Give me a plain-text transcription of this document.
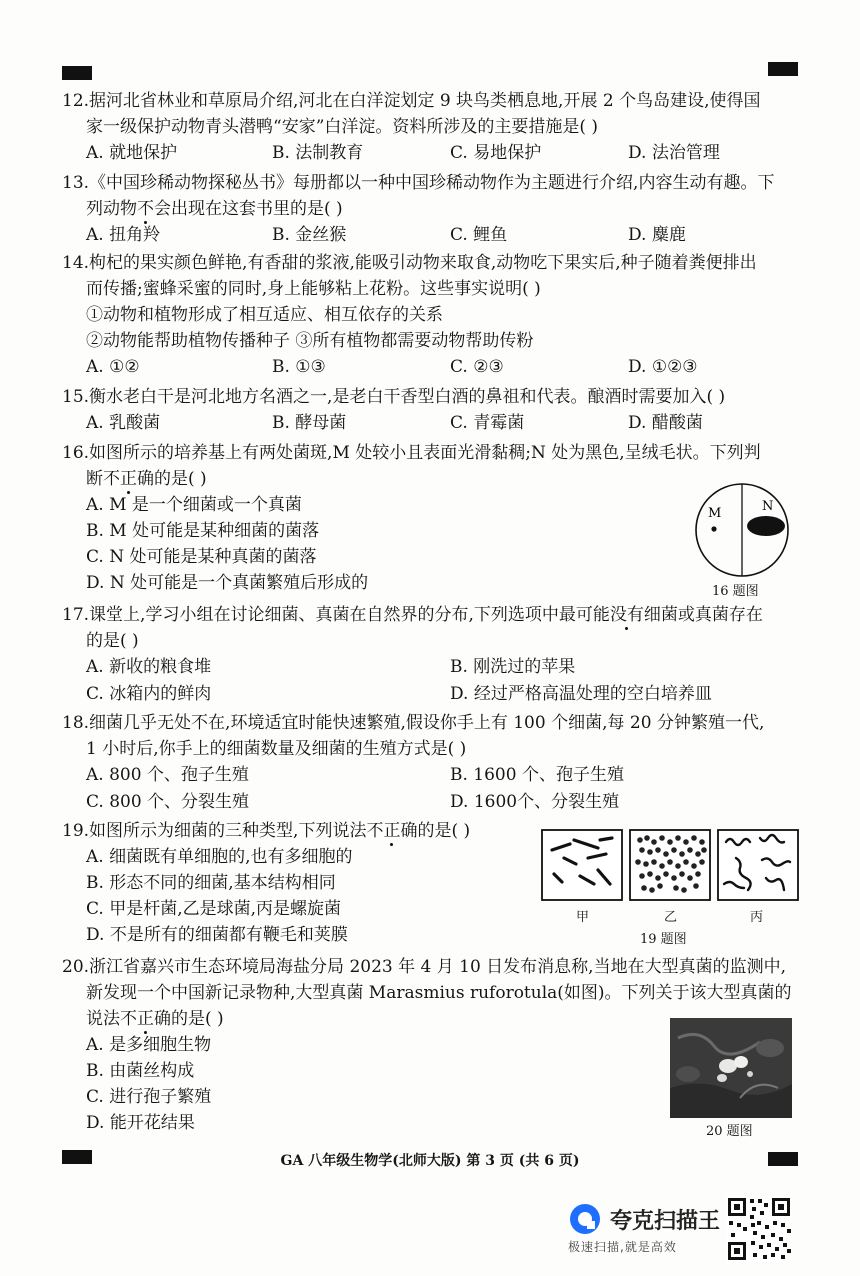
12.据河北省林业和草原局介绍,河北在白洋淀划定 9 块鸟类栖息地,开展 2 个鸟岛建设,使得国
家一级保护动物青头潜鸭“安家”白洋淀。资料所涉及的主要措施是( )
A. 就地保护	B. 法制教育	C. 易地保护	D. 法治管理
13.《中国珍稀动物探秘丛书》每册都以一种中国珍稀动物作为主题进行介绍,内容生动有趣。下
列动物不会出现在这套书里的是( )
A. 扭角羚	B. 金丝猴	C. 鲤鱼	D. 麋鹿
14.枸杞的果实颜色鲜艳,有香甜的浆液,能吸引动物来取食,动物吃下果实后,种子随着粪便排出
而传播;蜜蜂采蜜的同时,身上能够粘上花粉。这些事实说明( )
①动物和植物形成了相互适应、相互依存的关系
②动物能帮助植物传播种子 ③所有植物都需要动物帮助传粉
A. ①②	B. ①③	C. ②③	D. ①②③
15.衡水老白干是河北地方名酒之一,是老白干香型白酒的鼻祖和代表。酿酒时需要加入( )
A. 乳酸菌	B. 酵母菌	C. 青霉菌	D. 醋酸菌
16.如图所示的培养基上有两处菌斑,M 处较小且表面光滑黏稠;N 处为黑色,呈绒毛状。下列判
断不正确的是( )
A. M 是一个细菌或一个真菌
B. M 处可能是某种细菌的菌落
C. N 处可能是某种真菌的菌落
D. N 处可能是一个真菌繁殖后形成的
M	N
16 题图
17.课堂上,学习小组在讨论细菌、真菌在自然界的分布,下列选项中最可能没有细菌或真菌存在
的是( )
A. 新收的粮食堆	B. 刚洗过的苹果
C. 冰箱内的鲜肉	D. 经过严格高温处理的空白培养皿
18.细菌几乎无处不在,环境适宜时能快速繁殖,假设你手上有 100 个细菌,每 20 分钟繁殖一代,
1 小时后,你手上的细菌数量及细菌的生殖方式是( )
A. 800 个、孢子生殖	B. 1600 个、孢子生殖
C. 800 个、分裂生殖	D. 1600个、分裂生殖
19.如图所示为细菌的三种类型,下列说法不正确的是( )
A. 细菌既有单细胞的,也有多细胞的
B. 形态不同的细菌,基本结构相同
C. 甲是杆菌,乙是球菌,丙是螺旋菌
D. 不是所有的细菌都有鞭毛和荚膜
甲	乙	丙
19 题图
20.浙江省嘉兴市生态环境局海盐分局 2023 年 4 月 10 日发布消息称,当地在大型真菌的监测中,
新发现一个中国新记录物种,大型真菌 Marasmius ruforotula(如图)。下列关于该大型真菌的
说法不正确的是( )
A. 是多细胞生物
B. 由菌丝构成
C. 进行孢子繁殖
D. 能开花结果	20 题图
GA 八年级生物学(北师大版) 第 3 页 (共 6 页)
夸克扫描王
极速扫描,就是高效
